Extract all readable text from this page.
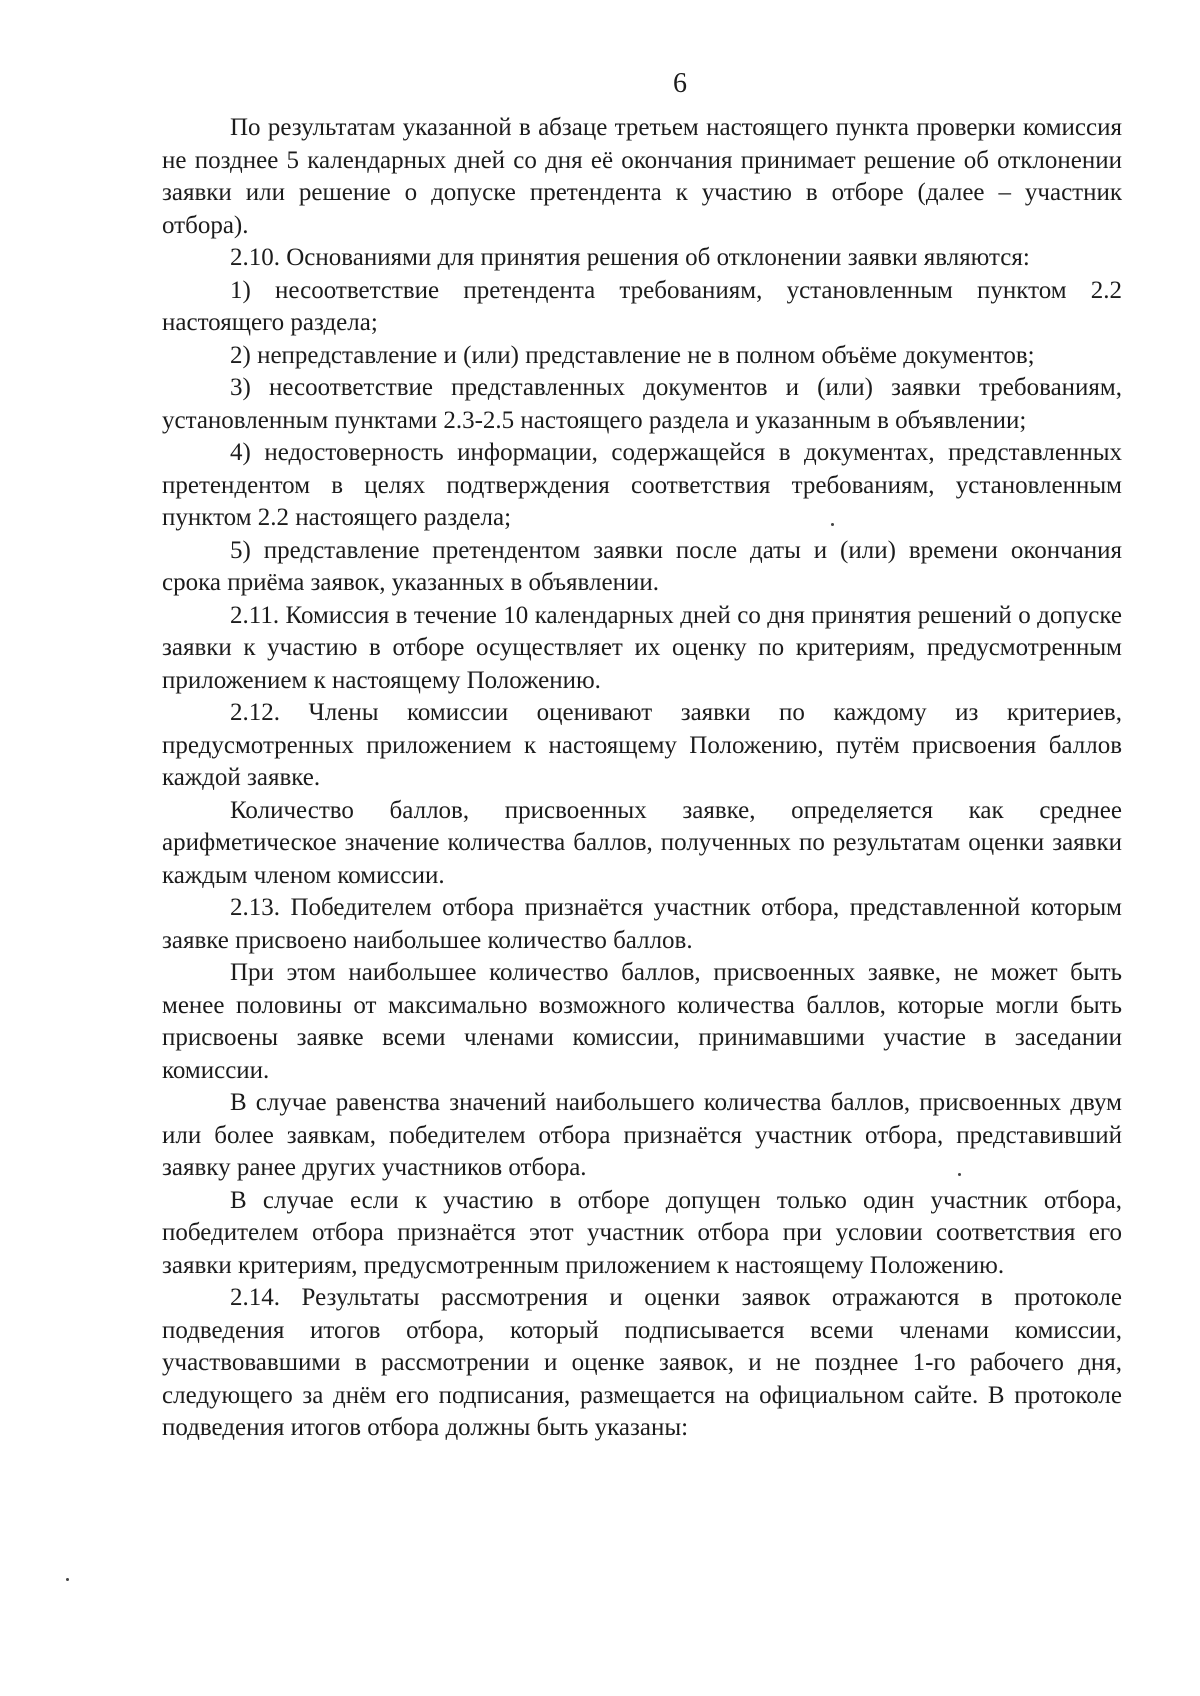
6

По результатам указанной в абзаце третьем настоящего пункта проверки комиссия не позднее 5 календарных дней со дня её окончания принимает решение об отклонении заявки или решение о допуске претендента к участию в отборе (далее – участник отбора).

2.10. Основаниями для принятия решения об отклонении заявки являются:

1) несоответствие претендента требованиям, установленным пунктом 2.2 настоящего раздела;

2) непредставление и (или) представление не в полном объёме документов;

3) несоответствие представленных документов и (или) заявки требованиям, установленным пунктами 2.3-2.5 настоящего раздела и указанным в объявлении;

4) недостоверность информации, содержащейся в документах, представленных претендентом в целях подтверждения соответствия требованиям, установленным пунктом 2.2 настоящего раздела;

5) представление претендентом заявки после даты и (или) времени окончания срока приёма заявок, указанных в объявлении.

2.11. Комиссия в течение 10 календарных дней со дня принятия решений о допуске заявки к участию в отборе осуществляет их оценку по критериям, предусмотренным приложением к настоящему Положению.

2.12. Члены комиссии оценивают заявки по каждому из критериев, предусмотренных приложением к настоящему Положению, путём присвоения баллов каждой заявке.

Количество баллов, присвоенных заявке, определяется как среднее арифметическое значение количества баллов, полученных по результатам оценки заявки каждым членом комиссии.

2.13. Победителем отбора признаётся участник отбора, представленной которым заявке присвоено наибольшее количество баллов.

При этом наибольшее количество баллов, присвоенных заявке, не может быть менее половины от максимально возможного количества баллов, которые могли быть присвоены заявке всеми членами комиссии, принимавшими участие в заседании комиссии.

В случае равенства значений наибольшего количества баллов, присвоенных двум или более заявкам, победителем отбора признаётся участник отбора, представивший заявку ранее других участников отбора.

В случае если к участию в отборе допущен только один участник отбора, победителем отбора признаётся этот участник отбора при условии соответствия его заявки критериям, предусмотренным приложением к настоящему Положению.

2.14. Результаты рассмотрения и оценки заявок отражаются в протоколе подведения итогов отбора, который подписывается всеми членами комиссии, участвовавшими в рассмотрении и оценке заявок, и не позднее 1-го рабочего дня, следующего за днём его подписания, размещается на официальном сайте. В протоколе подведения итогов отбора должны быть указаны:
